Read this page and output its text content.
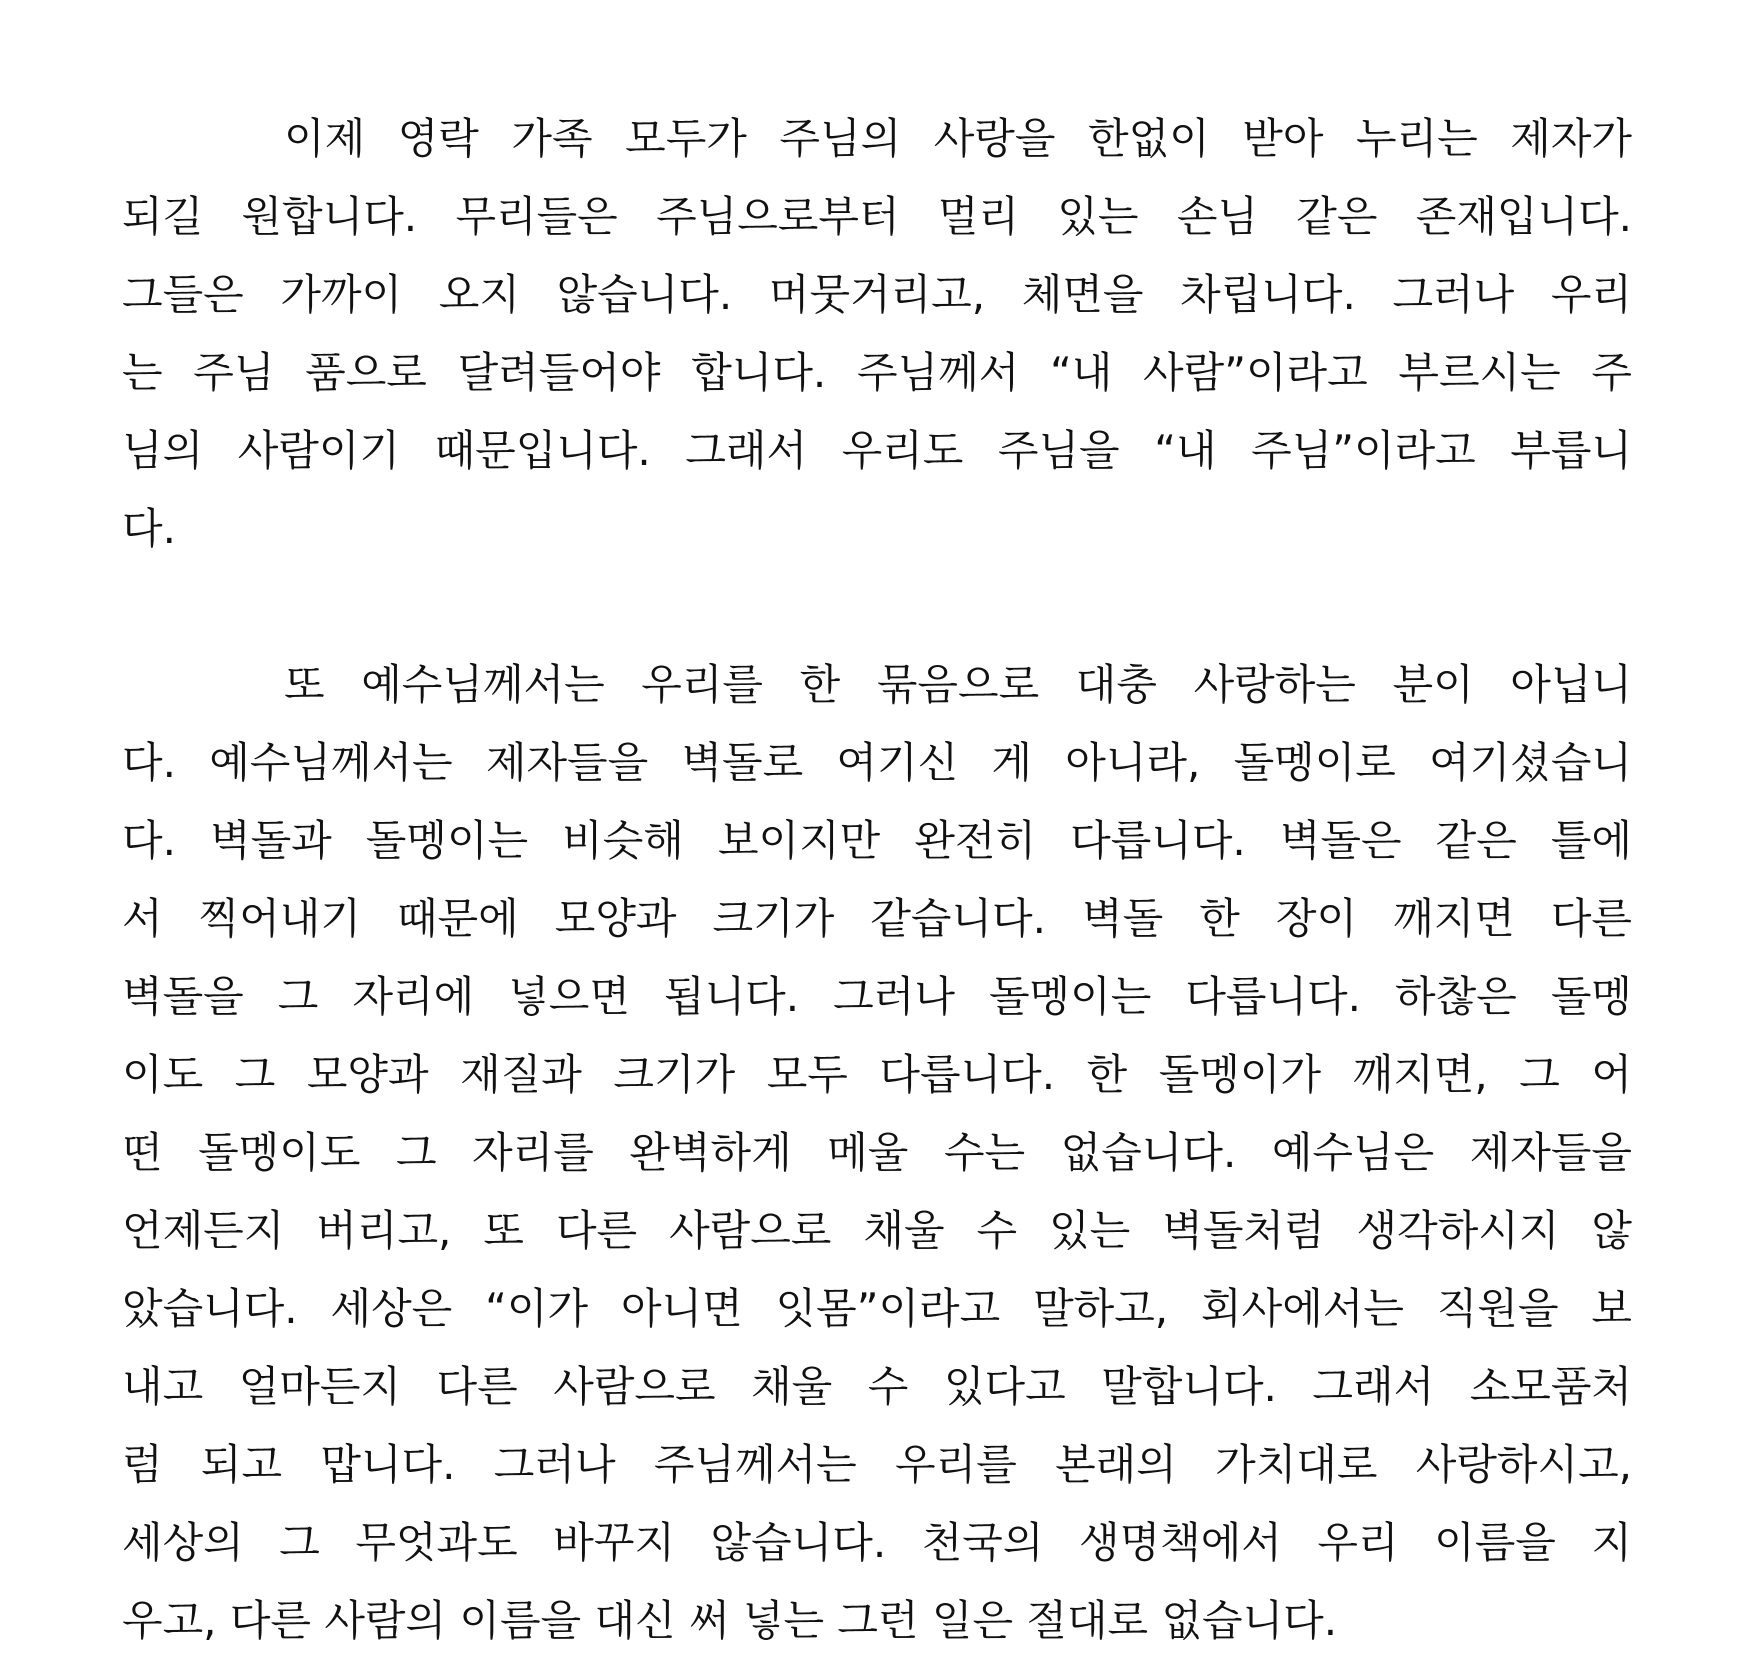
이제 영락 가족 모두가 주님의 사랑을 한없이 받아 누리는 제자가
되길 원합니다. 무리들은 주님으로부터 멀리 있는 손님 같은 존재입니다.
그들은 가까이 오지 않습니다. 머뭇거리고, 체면을 차립니다. 그러나 우리
는 주님 품으로 달려들어야 합니다. 주님께서 “내 사람”이라고 부르시는 주
님의 사람이기 때문입니다. 그래서 우리도 주님을 “내 주님”이라고 부릅니
다.
또 예수님께서는 우리를 한 묶음으로 대충 사랑하는 분이 아닙니
다. 예수님께서는 제자들을 벽돌로 여기신 게 아니라, 돌멩이로 여기셨습니
다. 벽돌과 돌멩이는 비슷해 보이지만 완전히 다릅니다. 벽돌은 같은 틀에
서 찍어내기 때문에 모양과 크기가 같습니다. 벽돌 한 장이 깨지면 다른
벽돌을 그 자리에 넣으면 됩니다. 그러나 돌멩이는 다릅니다. 하찮은 돌멩
이도 그 모양과 재질과 크기가 모두 다릅니다. 한 돌멩이가 깨지면, 그 어
떤 돌멩이도 그 자리를 완벽하게 메울 수는 없습니다. 예수님은 제자들을
언제든지 버리고, 또 다른 사람으로 채울 수 있는 벽돌처럼 생각하시지 않
았습니다. 세상은 “이가 아니면 잇몸”이라고 말하고, 회사에서는 직원을 보
내고 얼마든지 다른 사람으로 채울 수 있다고 말합니다. 그래서 소모품처
럼 되고 맙니다. 그러나 주님께서는 우리를 본래의 가치대로 사랑하시고,
세상의 그 무엇과도 바꾸지 않습니다. 천국의 생명책에서 우리 이름을 지
우고, 다른 사람의 이름을 대신 써 넣는 그런 일은 절대로 없습니다.
